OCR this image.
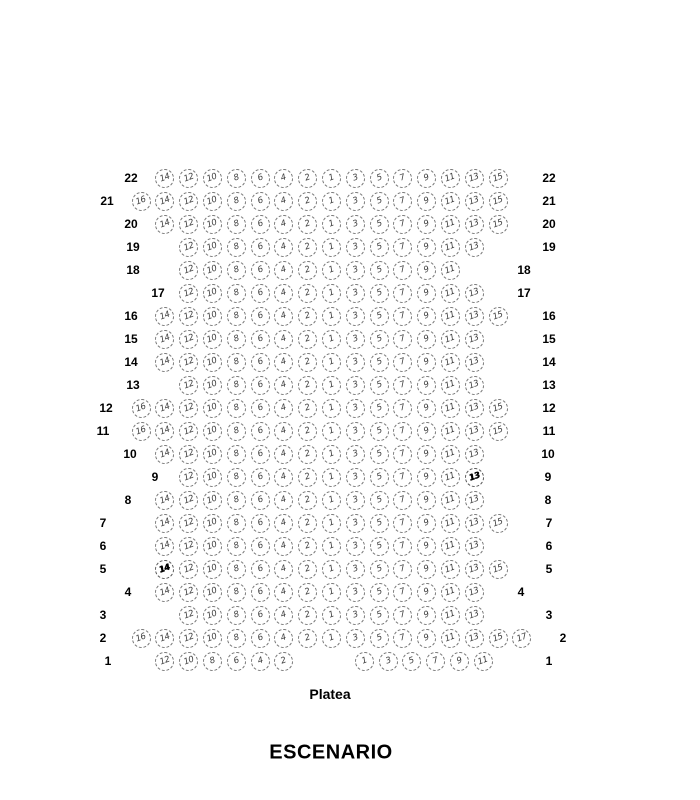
22 14 12 10 8 6 4 2 1 3 5 7 9 11 13 15	22
21 16 14 12 10 8 6 4 2 1 3 5 7 9 11 13 15	21
20 14 12 10 8 6 4 2 1 3 5 7 9 11 13 15	20
19	12 10 8 6 4 2 1 3 5 7 9 11 13	19
18	12 10 8 6 4 2 1 3 5 7 9 11	18
17 12 10 8 6 4 2 1 3 5 7 9 11 13	17
16 14 12 10 8 6 4 2 1 3 5 7 9 11 13 15	16
15 14 12 10 8 6 4 2 1 3 5 7 9 11 13	15
14 14 12 10 8 6 4 2 1 3 5 7 9 11 13	14
13	12 10 8 6 4 2 1 3 5 7 9 11 13	13
12	16 14 12 10 8 6 4 2 1 3 5 7 9 11 13 15	12
11	16 14 12 10 8 6 4 2 1 3 5 7 9 11 13 15	11
10	14 12 10 8 6 4 2 1 3 5 7 9 11 13	10
9	12 10 8 6 4 2 1 3 5 7 9 11 13	9
8	14 12 10 8 6 4 2 1 3 5 7 9 11 13	8
7	14 12 10 8 6 4 2 1 3 5 7 9 11 13 15	7
6	14 12 10 8 6 4 2 1 3 5 7 9 11 13	6
5	14 12 10 8 6 4 2 1 3 5 7 9 11 13 15	5
4	14 12 10 8 6 4 2 1 3 5 7 9 11 13	4
3	12 10 8 6 4 2 1 3 5 7 9 11 13	3
2	16 14 12 10 8 6 4 2 1 3 5 7 9 11 13 15 17	2
1	12 10 8 6 4 2	1 3 5 7 9 11	1
Platea
ESCENARIO
